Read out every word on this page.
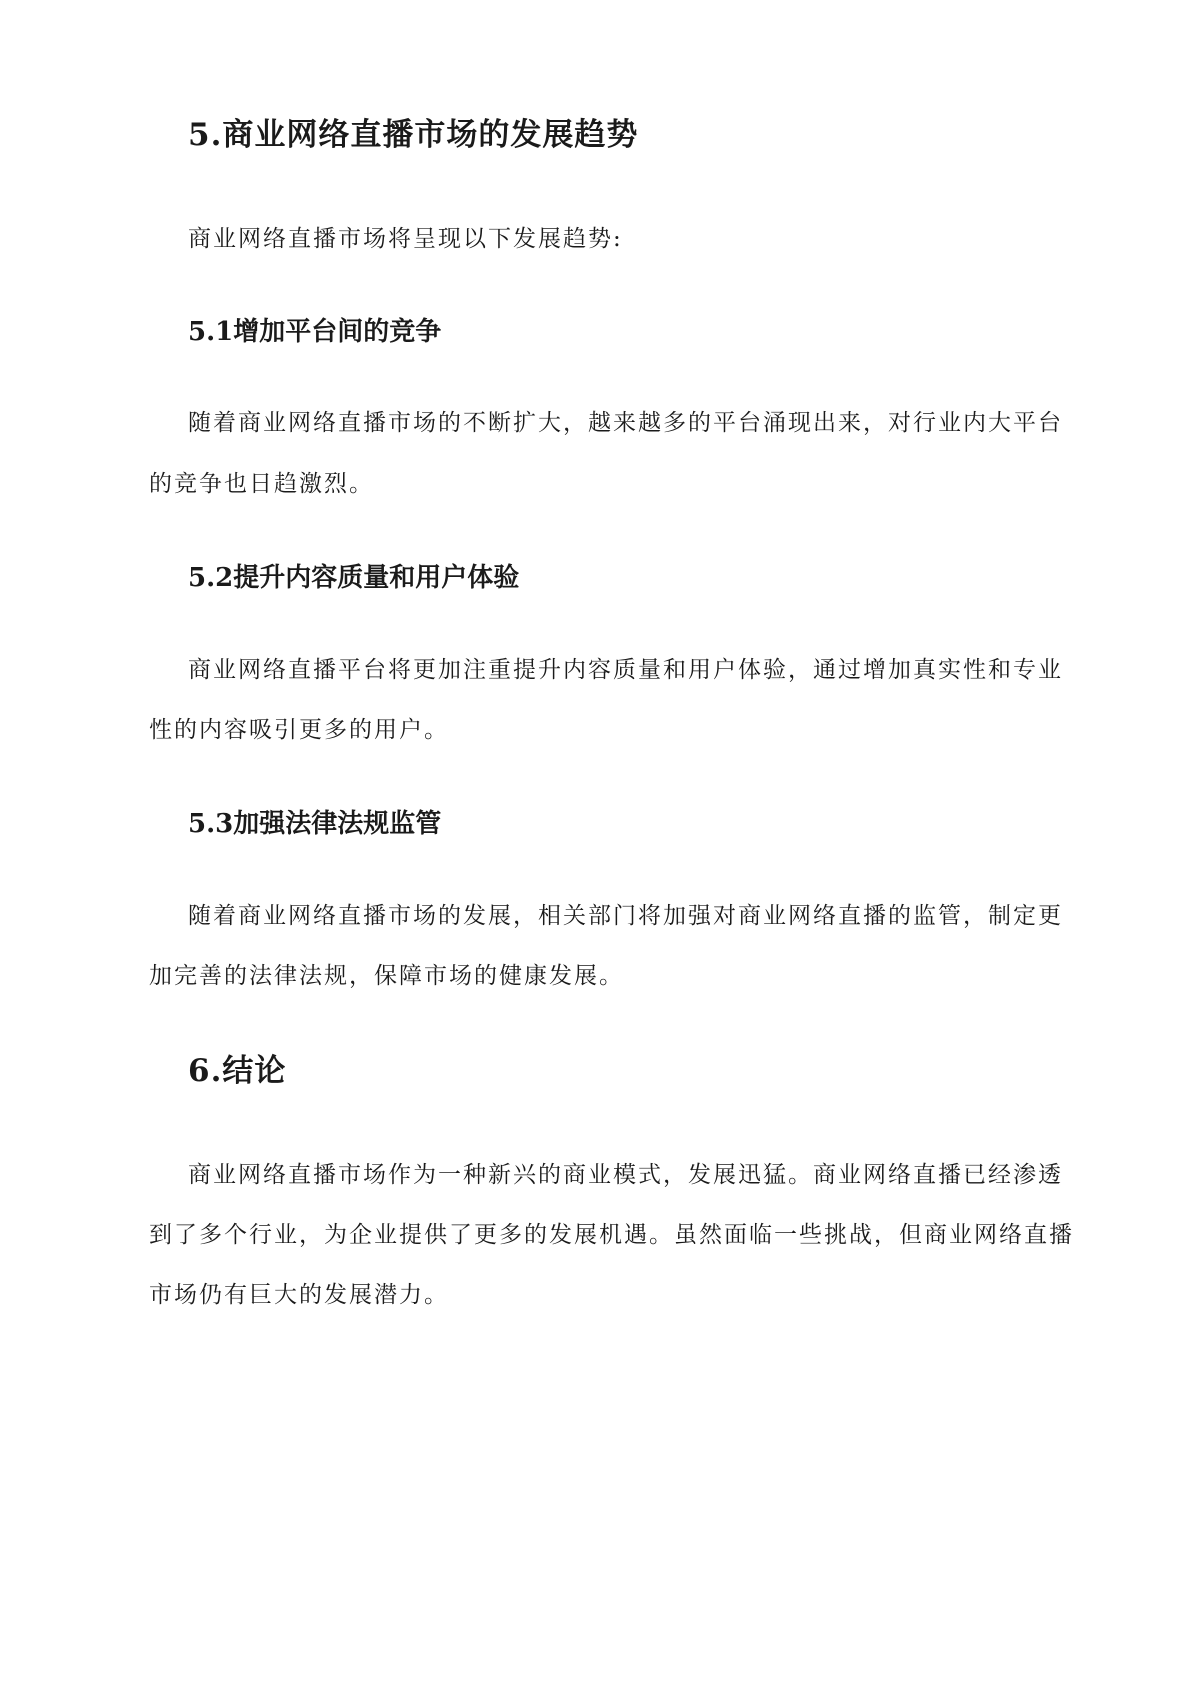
5.商业网络直播市场的发展趋势

商业网络直播市场将呈现以下发展趋势:

5.1增加平台间的竞争

随着商业网络直播市场的不断扩大，越来越多的平台涌现出来，对行业内大平台

的竞争也日趋激烈。

5.2提升内容质量和用户体验

商业网络直播平台将更加注重提升内容质量和用户体验，通过增加真实性和专业

性的内容吸引更多的用户。

5.3加强法律法规监管

随着商业网络直播市场的发展，相关部门将加强对商业网络直播的监管，制定更

加完善的法律法规，保障市场的健康发展。

6.结论

商业网络直播市场作为一种新兴的商业模式，发展迅猛。商业网络直播已经渗透

到了多个行业，为企业提供了更多的发展机遇。虽然面临一些挑战，但商业网络直播

市场仍有巨大的发展潜力。
